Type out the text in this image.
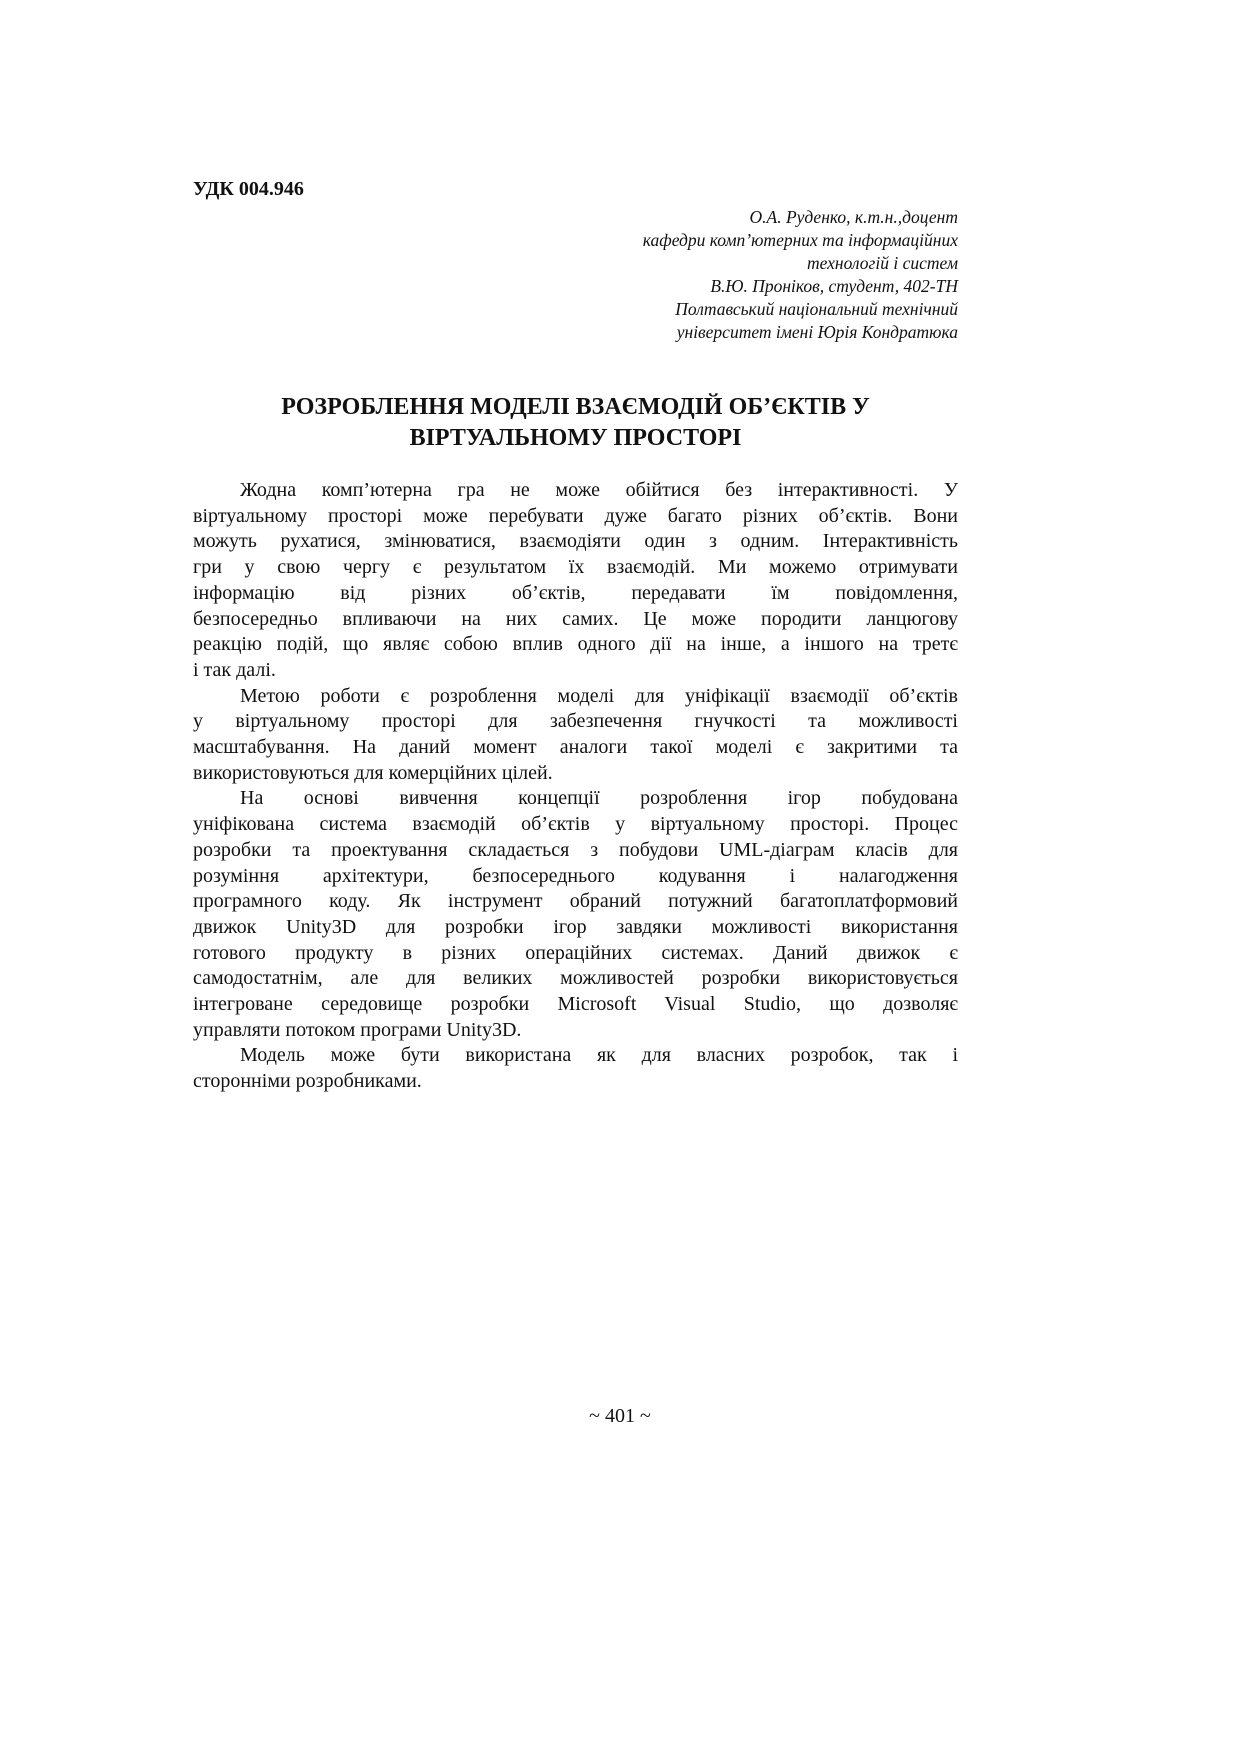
УДК 004.946
О.А. Руденко, к.т.н.,доцент
кафедри комп’ютерних та інформаційних
технологій і систем
В.Ю. Проніков, студент, 402-ТН
Полтавський національний технічний
університет імені Юрія Кондратюка
РОЗРОБЛЕННЯ МОДЕЛІ ВЗАЄМОДІЙ ОБ’ЄКТІВ У
ВІРТУАЛЬНОМУ ПРОСТОРІ
Жодна комп’ютерна гра не може обійтися без інтерактивності. У
віртуальному просторі може перебувати дуже багато різних об’єктів. Вони
можуть рухатися, змінюватися, взаємодіяти один з одним. Інтерактивність
гри у свою чергу є результатом їх взаємодій. Ми можемо отримувати
інформацію від різних об’єктів, передавати їм повідомлення,
безпосередньо впливаючи на них самих. Це може породити ланцюгову
реакцію подій, що являє собою вплив одного дії на інше, а іншого на третє
і так далі.
Метою роботи є розроблення моделі для уніфікації взаємодії об’єктів
у віртуальному просторі для забезпечення гнучкості та можливості
масштабування. На даний момент аналоги такої моделі є закритими та
використовуються для комерційних цілей.
На основі вивчення концепції розроблення ігор побудована
уніфікована система взаємодій об’єктів у віртуальному просторі. Процес
розробки та проектування складається з побудови UML-діаграм класів для
розуміння архітектури, безпосереднього кодування і налагодження
програмного коду. Як інструмент обраний потужний багатоплатформовий
движок Unity3D для розробки ігор завдяки можливості використання
готового продукту в різних операційних системах. Даний движок є
самодостатнім, але для великих можливостей розробки використовується
інтегроване середовище розробки Microsoft Visual Studio, що дозволяє
управляти потоком програми Unity3D.
Модель може бути використана як для власних розробок, так і
сторонніми розробниками.
~ 401 ~
